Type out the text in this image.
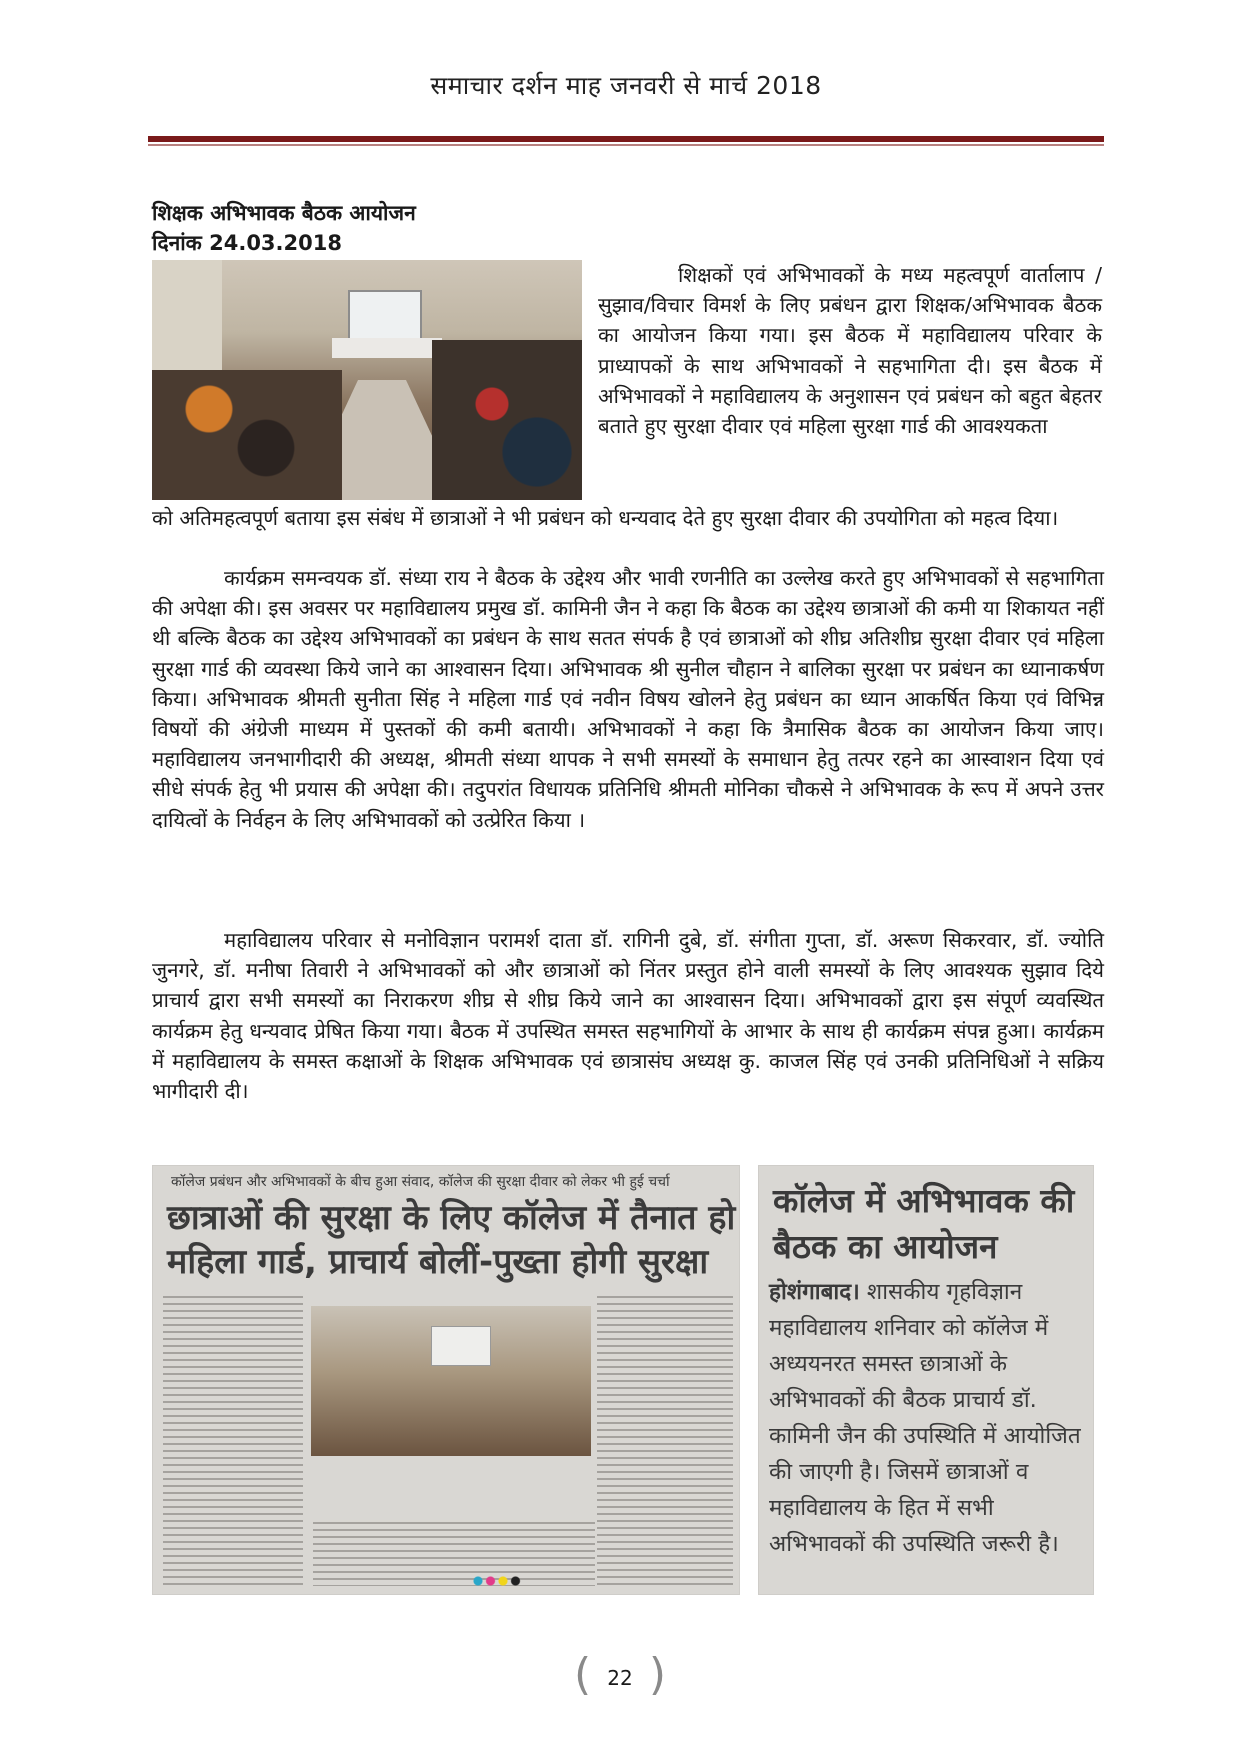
समाचार दर्शन माह जनवरी से मार्च 2018
शिक्षक अभिभावक बैठक आयोजन
दिनांक 24.03.2018

शिक्षकों एवं अभिभावकों के मध्य महत्वपूर्ण वार्तालाप /सुझाव/विचार विमर्श के लिए प्रबंधन द्वारा शिक्षक/अभिभावक बैठक का आयोजन किया गया। इस बैठक में महाविद्यालय परिवार के प्राध्यापकों के साथ अभिभावकों ने सहभागिता दी। इस बैठक में अभिभावकों ने महाविद्यालय के अनुशासन एवं प्रबंधन को बहुत बेहतर बताते हुए सुरक्षा दीवार एवं महिला सुरक्षा गार्ड की आवश्यकता

को अतिमहत्वपूर्ण बताया इस संबंध में छात्राओं ने भी प्रबंधन को धन्यवाद देते हुए सुरक्षा दीवार की उपयोगिता को महत्व दिया।

कार्यक्रम समन्वयक डॉ. संध्या राय ने बैठक के उद्देश्य और भावी रणनीति का उल्लेख करते हुए अभिभावकों से सहभागिता की अपेक्षा की। इस अवसर पर महाविद्यालय प्रमुख डॉ. कामिनी जैन ने कहा कि बैठक का उद्देश्य छात्राओं की कमी या शिकायत नहीं थी बल्कि बैठक का उद्देश्य अभिभावकों का प्रबंधन के साथ सतत संपर्क है एवं छात्राओं को शीघ्र अतिशीघ्र सुरक्षा दीवार एवं महिला सुरक्षा गार्ड की व्यवस्था किये जाने का आश्वासन दिया। अभिभावक श्री सुनील चौहान ने बालिका सुरक्षा पर प्रबंधन का ध्यानाकर्षण किया। अभिभावक श्रीमती सुनीता सिंह ने महिला गार्ड एवं नवीन विषय खोलने हेतु प्रबंधन का ध्यान आकर्षित किया एवं विभिन्न विषयों की अंग्रेजी माध्यम में पुस्तकों की कमी बतायी। अभिभावकों ने कहा कि त्रैमासिक बैठक का आयोजन किया जाए। महाविद्यालय जनभागीदारी की अध्यक्ष, श्रीमती संध्या थापक ने सभी समस्यों के समाधान हेतु तत्पर रहने का आस्वाशन दिया एवं सीधे संपर्क हेतु भी प्रयास की अपेक्षा की। तदुपरांत विधायक प्रतिनिधि श्रीमती मोनिका चौकसे ने अभिभावक के रूप में अपने उत्तर दायित्वों के निर्वहन के लिए अभिभावकों को उत्प्रेरित किया ।

महाविद्यालय परिवार से मनोविज्ञान परामर्श दाता डॉ. रागिनी दुबे, डॉ. संगीता गुप्ता, डॉ. अरूण सिकरवार, डॉ. ज्योति जुनगरे, डॉ. मनीषा तिवारी ने अभिभावकों को और छात्राओं को निंतर प्रस्तुत होने वाली समस्यों के लिए आवश्यक सुझाव दिये प्राचार्य द्वारा सभी समस्यों का निराकरण शीघ्र से शीघ्र किये जाने का आश्वासन दिया। अभिभावकों द्वारा इस संपूर्ण व्यवस्थित कार्यक्रम हेतु धन्यवाद प्रेषित किया गया। बैठक में उपस्थित समस्त सहभागियों के आभार के साथ ही कार्यक्रम संपन्न हुआ। कार्यक्रम में महाविद्यालय के समस्त कक्षाओं के शिक्षक अभिभावक एवं छात्रासंघ अध्यक्ष कु. काजल सिंह एवं उनकी प्रतिनिधिओं ने सक्रिय भागीदारी दी।

कॉलेज प्रबंधन और अभिभावकों के बीच हुआ संवाद, कॉलेज की सुरक्षा दीवार को लेकर भी हुई चर्चा
छात्राओं की सुरक्षा के लिए कॉलेज में तैनात हो महिला गार्ड, प्राचार्य बोलीं-पुख्ता होगी सुरक्षा
कॉलेज में अभिभावक की बैठक का आयोजन
होशंगाबाद। शासकीय गृहविज्ञान महाविद्यालय शनिवार को कॉलेज में अध्ययनरत समस्त छात्राओं के अभिभावकों की बैठक प्राचार्य डॉ. कामिनी जैन की उपस्थिति में आयोजित की जाएगी है। जिसमें छात्राओं व महाविद्यालय के हित में सभी अभिभावकों की उपस्थिति जरूरी है।
( 22 )
